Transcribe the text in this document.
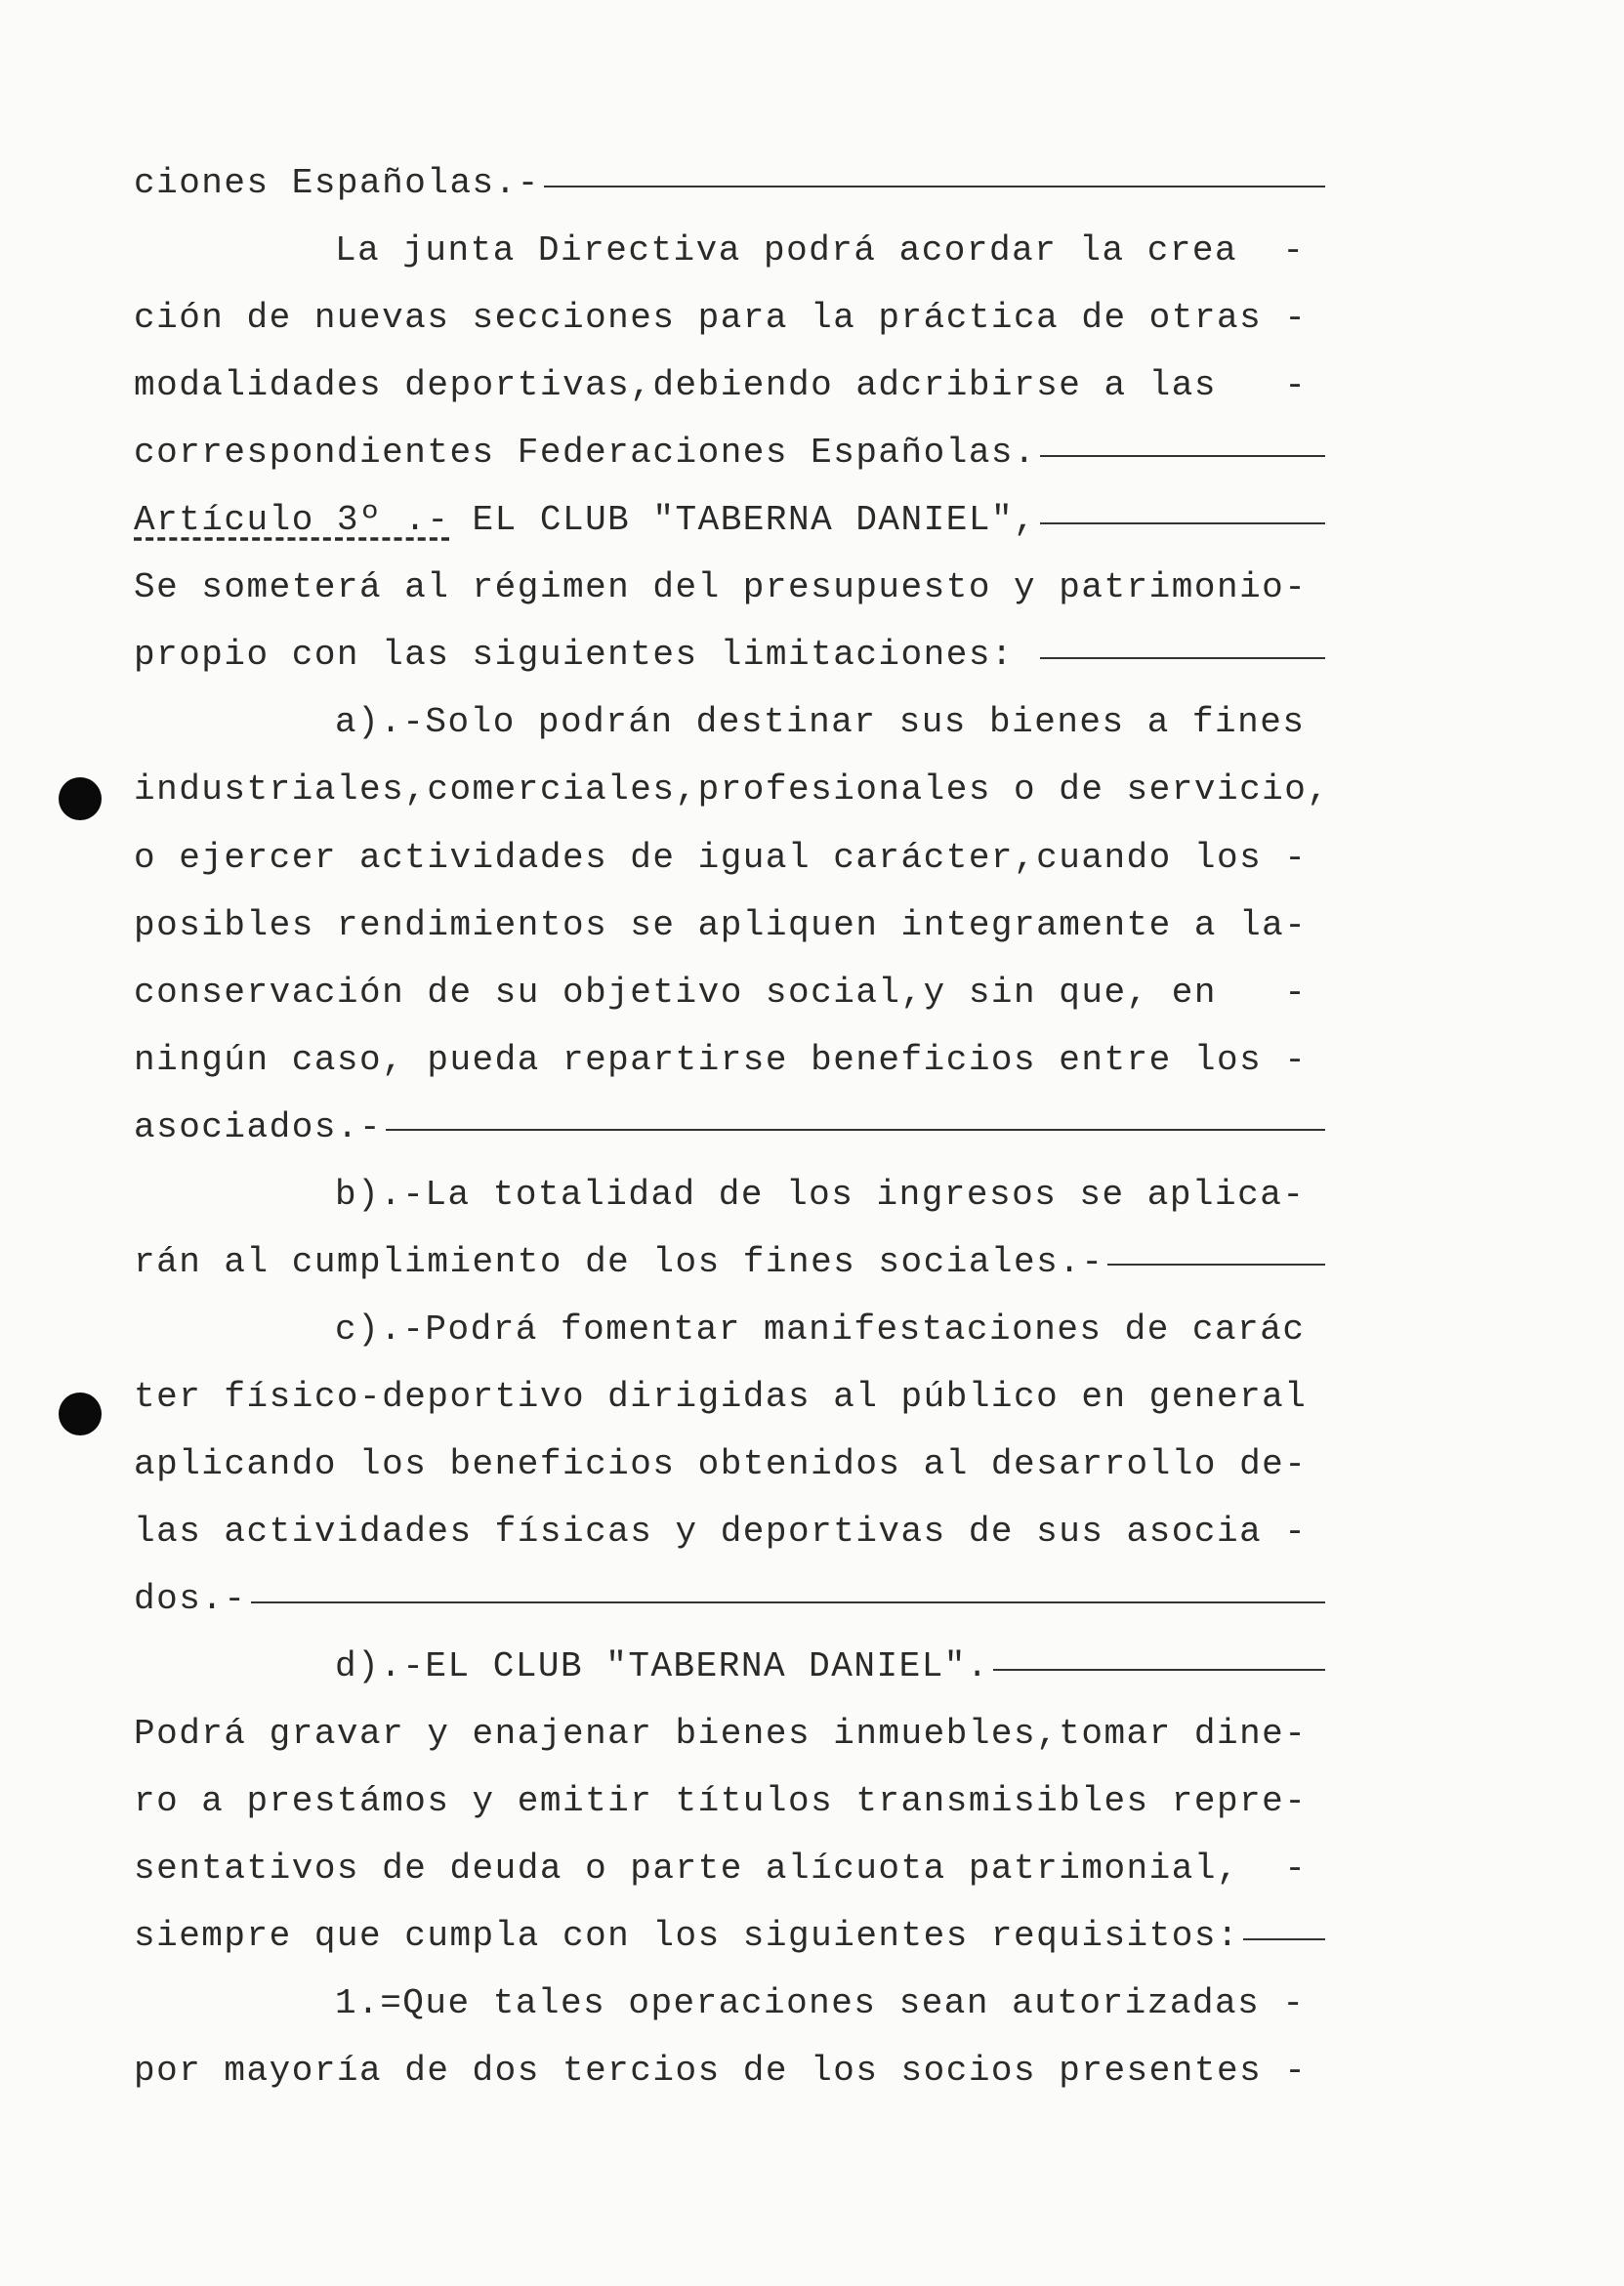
ciones Españolas.-
La junta Directiva podrá acordar la crea  -
ción de nuevas secciones para la práctica de otras -
modalidades deportivas,debiendo adcribirse a las   -
correspondientes Federaciones Españolas.
Artículo 3º .- EL CLUB "TABERNA DANIEL",
Se someterá al régimen del presupuesto y patrimonio-
propio con las siguientes limitaciones:
a).-Solo podrán destinar sus bienes a fines
industriales,comerciales,profesionales o de servicio,
o ejercer actividades de igual carácter,cuando los -
posibles rendimientos se apliquen integramente a la-
conservación de su objetivo social,y sin que, en   -
ningún caso, pueda repartirse beneficios entre los -
asociados.-
b).-La totalidad de los ingresos se aplica-
rán al cumplimiento de los fines sociales.-
c).-Podrá fomentar manifestaciones de carác
ter físico-deportivo dirigidas al público en general
aplicando los beneficios obtenidos al desarrollo de-
las actividades físicas y deportivas de sus asocia -
dos.-
d).-EL CLUB "TABERNA DANIEL".
Podrá gravar y enajenar bienes inmuebles,tomar dine-
ro a prestámos y emitir títulos transmisibles repre-
sentativos de deuda o parte alícuota patrimonial,  -
siempre que cumpla con los siguientes requisitos:
1.=Que tales operaciones sean autorizadas -
por mayoría de dos tercios de los socios presentes -
